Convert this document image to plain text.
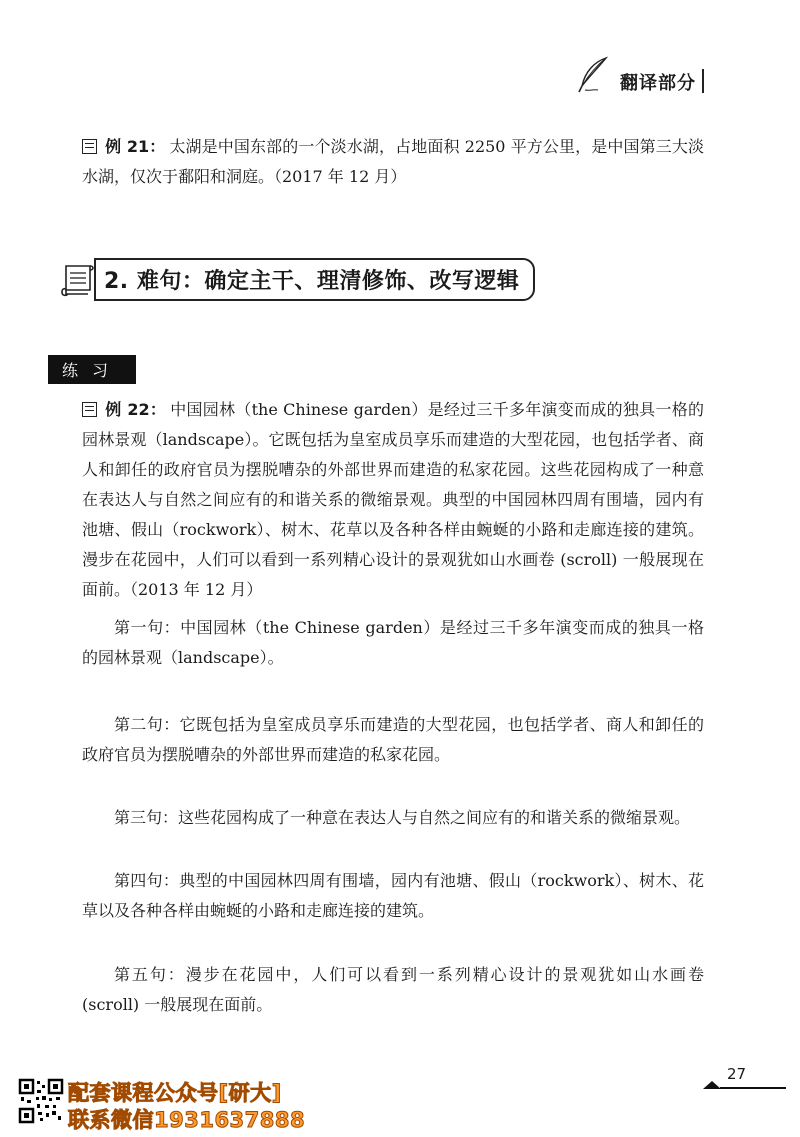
翻译部分

例 21： 太湖是中国东部的一个淡水湖，占地面积 2250 平方公里，是中国第三大淡水湖，仅次于鄱阳和洞庭。（2017 年 12 月）

2. 难句：确定主干、理清修饰、改写逻辑
练习

例 22： 中国园林（the Chinese garden）是经过三千多年演变而成的独具一格的园林景观（landscape）。它既包括为皇室成员享乐而建造的大型花园，也包括学者、商人和卸任的政府官员为摆脱嘈杂的外部世界而建造的私家花园。这些花园构成了一种意在表达人与自然之间应有的和谐关系的微缩景观。典型的中国园林四周有围墙，园内有池塘、假山（rockwork）、树木、花草以及各种各样由蜿蜒的小路和走廊连接的建筑。漫步在花园中，人们可以看到一系列精心设计的景观犹如山水画卷 (scroll) 一般展现在面前。（2013 年 12 月）

第一句：中国园林（the Chinese garden）是经过三千多年演变而成的独具一格的园林景观（landscape）。

第二句：它既包括为皇室成员享乐而建造的大型花园，也包括学者、商人和卸任的政府官员为摆脱嘈杂的外部世界而建造的私家花园。

第三句：这些花园构成了一种意在表达人与自然之间应有的和谐关系的微缩景观。

第四句：典型的中国园林四周有围墙，园内有池塘、假山（rockwork）、树木、花草以及各种各样由蜿蜒的小路和走廊连接的建筑。

第五句：漫步在花园中，人们可以看到一系列精心设计的景观犹如山水画卷 (scroll) 一般展现在面前。

27
配套课程公众号[研大]
联系微信1931637888
